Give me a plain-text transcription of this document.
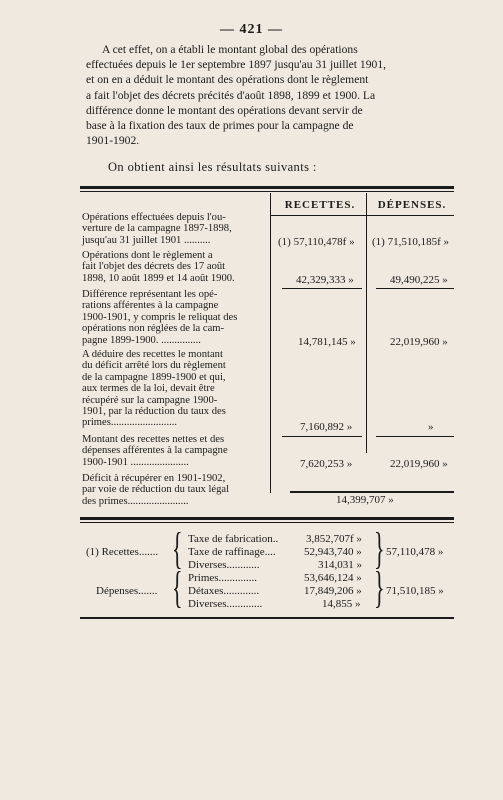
— 421 —
A cet effet, on a établi le montant global des opérations
effectuées depuis le 1er septembre 1897 jusqu'au 31 juillet 1901,
et on en a déduit le montant des opérations dont le règlement
a fait l'objet des décrets précités d'août 1898, 1899 et 1900. La
différence donne le montant des opérations devant servir de
base à la fixation des taux de primes pour la campagne de
1901-1902.
On obtient ainsi les résultats suivants :
RECETTES.	DÉPENSES.
Opérations effectuées depuis l'ou-
verture de la campagne 1897-1898,
jusqu'au 31 juillet 1901 ..........	(1) 57,110,478f » (1) 71,510,185f »
Opérations dont le règlement a
fait l'objet des décrets des 17 août
1898, 10 août 1899 et 14 août 1900.	42,329,333 »	49,490,225 »
Différence représentant les opé-
rations afférentes à la campagne
1900-1901, y compris le reliquat des
opérations non réglées de la cam-
pagne 1899-1900. ...............	14,781,145 »	22,019,960 »
A déduire des recettes le montant
du déficit arrêté lors du règlement
de la campagne 1899-1900 et qui,
aux termes de la loi, devait être
récupéré sur la campagne 1900-
1901, par la réduction du taux des
primes.........................	7,160,892 »	»
Montant des recettes nettes et des
dépenses afférentes à la campagne
1900-1901 ......................	7,620,253 »	22,019,960 »
Déficit à récupérer en 1901-1902,
par voie de réduction du taux légal
des primes.......................	14,399,707 »
(1) Recettes....... { Taxe de fabrication..	3,852,707f »
Taxe de raffinage....	52,943,740 »
Diverses............	314,031 » } 57,110,478 »
Dépenses....... { Primes..............	53,646,124 »
Détaxes.............	17,849,206 »
Diverses.............	14,855 » } 71,510,185 »
